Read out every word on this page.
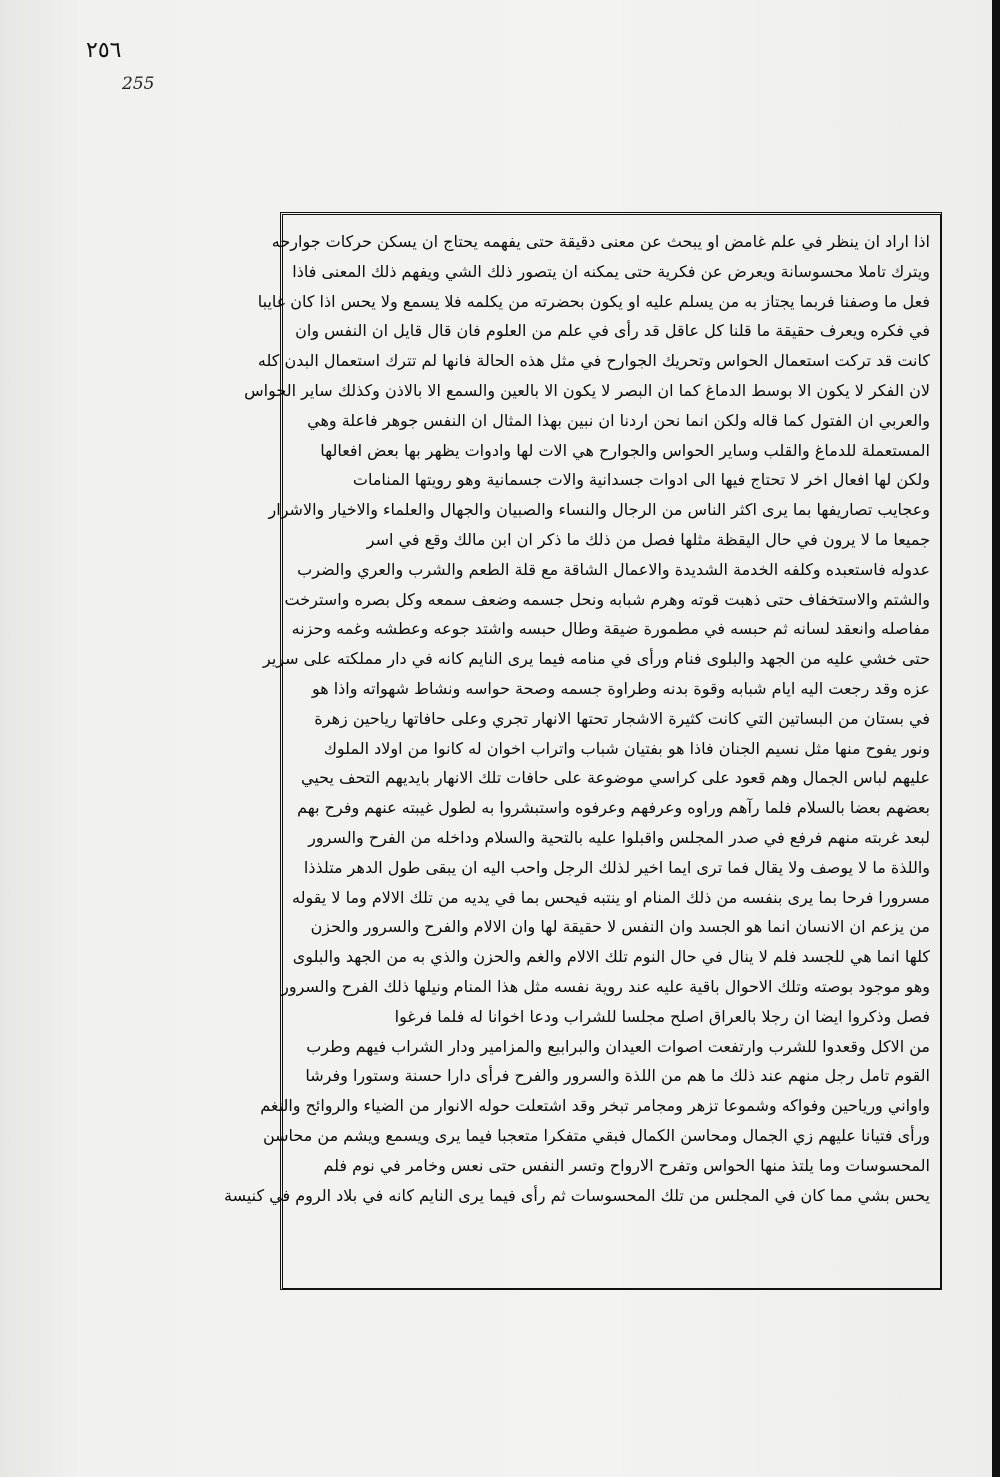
٢٥٦
255
اذا اراد ان ينظر في علم غامض او يبحث عن معنى دقيقة حتى يفهمه يحتاج ان يسكن حركات جوارحه
ويترك تاملا محسوسانة ويعرض عن فكرية حتى يمكنه ان يتصور ذلك الشي ويفهم ذلك المعنى فاذا
فعل ما وصفنا فربما يجتاز به من يسلم عليه او يكون بحضرته من يكلمه فلا يسمع ولا يحس اذا كان غايبا
في فكره ويعرف حقيقة ما قلنا كل عاقل قد رأى في علم من العلوم فان قال قايل ان النفس وان
كانت قد تركت استعمال الحواس وتحريك الجوارح في مثل هذه الحالة فانها لم تترك استعمال البدن كله
لان الفكر لا يكون الا بوسط الدماغ كما ان البصر لا يكون الا بالعين والسمع الا بالاذن وكذلك ساير الحواس
والعربي ان الفتول كما قاله ولكن انما نحن اردنا ان نبين بهذا المثال ان النفس جوهر فاعلة وهي
المستعملة للدماغ والقلب وساير الحواس والجوارح هي الات لها وادوات يظهر بها بعض افعالها
ولكن لها افعال اخر لا تحتاج فيها الى ادوات جسدانية والات جسمانية وهو رويتها المنامات
وعجايب تصاريفها بما يرى اكثر الناس من الرجال والنساء والصبيان والجهال والعلماء والاخيار والاشرار
جميعا ما لا يرون في حال اليقظة مثلها فصل من ذلك ما ذكر ان ابن مالك وقع في اسر
عدوله فاستعبده وكلفه الخدمة الشديدة والاعمال الشاقة مع قلة الطعم والشرب والعري والضرب
والشتم والاستخفاف حتى ذهبت قوته وهرم شبابه ونحل جسمه وضعف سمعه وكل بصره واسترخت
مفاصله وانعقد لسانه ثم حبسه في مطمورة ضيقة وطال حبسه واشتد جوعه وعطشه وغمه وحزنه
حتى خشي عليه من الجهد والبلوى فنام ورأى في منامه فيما يرى النايم كانه في دار مملكته على سرير
عزه وقد رجعت اليه ايام شبابه وقوة بدنه وطراوة جسمه وصحة حواسه ونشاط شهواته واذا هو
في بستان من البساتين التي كانت كثيرة الاشجار تحتها الانهار تجري وعلى حافاتها رياحين زهرة
ونور يفوح منها مثل نسيم الجنان فاذا هو بفتيان شباب واتراب اخوان له كانوا من اولاد الملوك
عليهم لباس الجمال وهم قعود على كراسي موضوعة على حافات تلك الانهار بايديهم التحف يحيي
بعضهم بعضا بالسلام فلما رآهم وراوه وعرفهم وعرفوه واستبشروا به لطول غيبته عنهم وفرح بهم
لبعد غربته منهم فرفع في صدر المجلس واقبلوا عليه بالتحية والسلام وداخله من الفرح والسرور
واللذة ما لا يوصف ولا يقال فما ترى ايما اخير لذلك الرجل واحب اليه ان يبقى طول الدهر متلذذا
مسرورا فرحا بما يرى بنفسه من ذلك المنام او ينتبه فيحس بما في يديه من تلك الالام وما لا يقوله
من يزعم ان الانسان انما هو الجسد وان النفس لا حقيقة لها وان الالام والفرح والسرور والحزن
كلها انما هي للجسد فلم لا ينال في حال النوم تلك الالام والغم والحزن والذي به من الجهد والبلوى
وهو موجود بوصته وتلك الاحوال باقية عليه عند روية نفسه مثل هذا المنام ونيلها ذلك الفرح والسرور
فصل وذكروا ايضا ان رجلا بالعراق اصلح مجلسا للشراب ودعا اخوانا له فلما فرغوا
من الاكل وقعدوا للشرب وارتفعت اصوات العيدان والبرابيع والمزامير ودار الشراب فيهم وطرب
القوم تامل رجل منهم عند ذلك ما هم من اللذة والسرور والفرح فرأى دارا حسنة وستورا وفرشا
واواني ورياحين وفواكه وشموعا تزهر ومجامر تبخر وقد اشتعلت حوله الانوار من الضياء والروائح والنغم
ورأى فتيانا عليهم زي الجمال ومحاسن الكمال فبقي متفكرا متعجبا فيما يرى ويسمع ويشم من محاسن
المحسوسات وما يلتذ منها الحواس وتفرح الارواح وتسر النفس حتى نعس وخامر في نوم فلم
يحس بشي مما كان في المجلس من تلك المحسوسات ثم رأى فيما يرى النايم كانه في بلاد الروم في كنيسة
